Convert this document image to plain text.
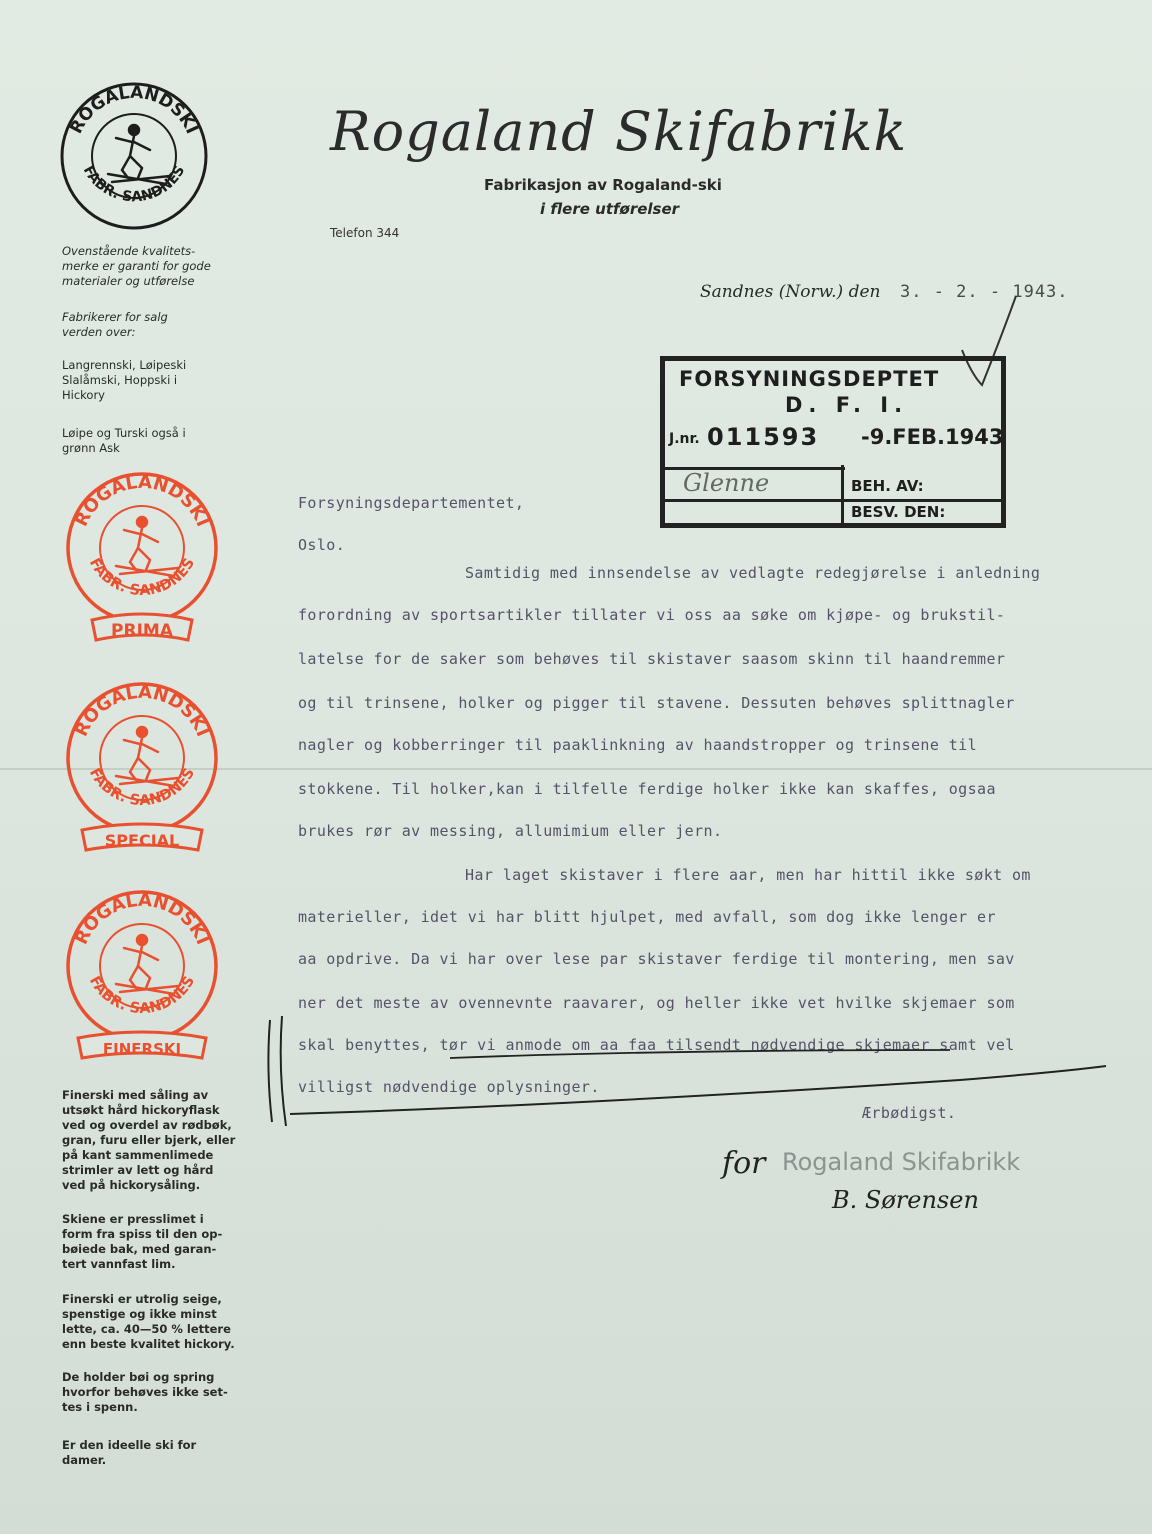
ROGALANDSKI
FABR. SANDNES
Rogaland Skifabrikk
Fabrikasjon av Rogaland-ski
i flere utførelser
Telefon 344
Ovenstående kvalitets-
merke er garanti for gode
materialer og utførelse
Fabrikerer for salg
verden over:
Langrennski, Løipeski
Slalåmski, Hoppski i
Hickory
Løipe og Turski også i
grønn Ask
ROGALANDSKI
FABR. SANDNES
PRIMA
ROGALANDSKI
FABR. SANDNES
SPECIAL
ROGALANDSKI
FABR. SANDNES
FINERSKI
Finerski med såling av
utsøkt hård hickoryflask
ved og overdel av rødbøk,
gran, furu eller bjerk, eller
på kant sammenlimede
strimler av lett og hård
ved på hickorysåling.
Skiene er presslimet i
form fra spiss til den op-
bøiede bak, med garan-
tert vannfast lim.
Finerski er utrolig seige,
spenstige og ikke minst
lette, ca. 40—50 % lettere
enn beste kvalitet hickory.
De holder bøi og spring
hvorfor behøves ikke set-
tes i spenn.
Er den ideelle ski for
damer.
Sandnes (Norw.) den 3. - 2. - 1943.
FORSYNINGSDEPTET
D. F. I.
J.nr. 011593 -9.FEB.1943
Glenne	BEH. AV:
BESV. DEN:
Forsyningsdepartementet,
Oslo.
Samtidig med innsendelse av vedlagte redegjørelse i anledning
forordning av sportsartikler tillater vi oss aa søke om kjøpe- og brukstil-
latelse for de saker som behøves til skistaver saasom skinn til haandremmer
og til trinsene, holker og pigger til stavene. Dessuten behøves splittnagler
nagler og kobberringer til paaklinkning av haandstropper og trinsene til
stokkene. Til holker,kan i tilfelle ferdige holker ikke kan skaffes, ogsaa
brukes rør av messing, allumimium eller jern.
Har laget skistaver i flere aar, men har hittil ikke søkt om
materieller, idet vi har blitt hjulpet, med avfall, som dog ikke lenger er
aa opdrive. Da vi har over lese par skistaver ferdige til montering, men sav
ner det meste av ovennevnte raavarer, og heller ikke vet hvilke skjemaer som
skal benyttes, tør vi anmode om aa faa tilsendt nødvendige skjemaer samt vel
villigst nødvendige oplysninger.
Ærbødigst.
for Rogaland Skifabrikk
B. Sørensen
